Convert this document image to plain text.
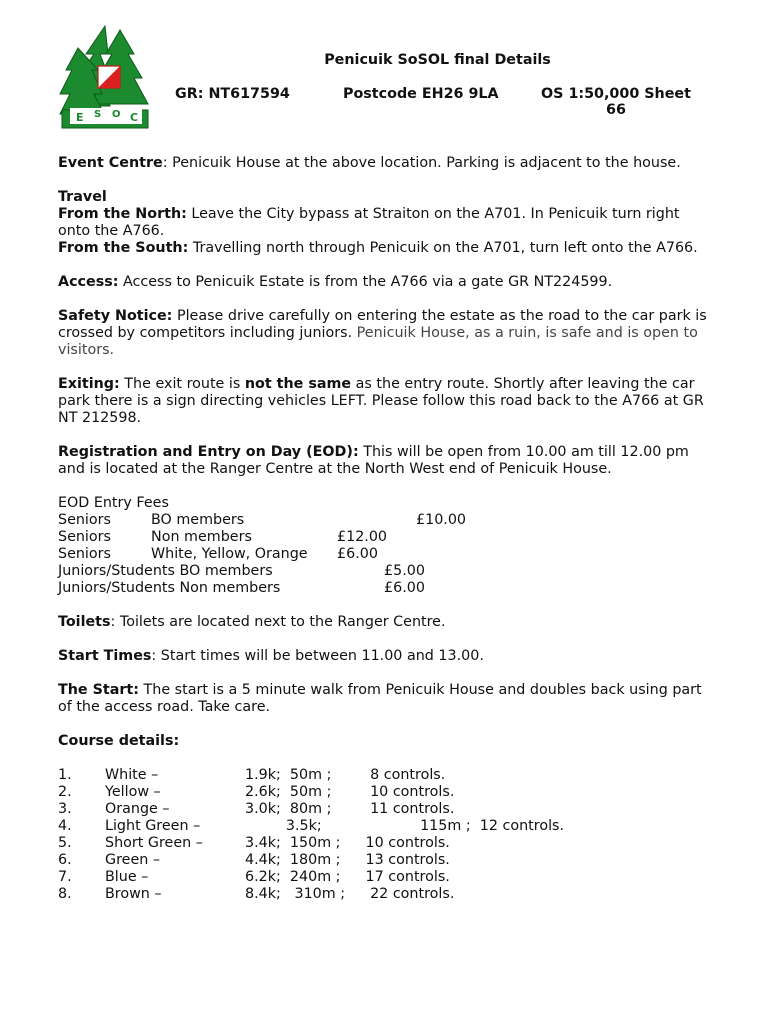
E S O C
Penicuik SoSOL final Details
GR: NT617594	Postcode EH26 9LA	OS 1:50,000 Sheet 66

Event Centre: Penicuik House at the above location. Parking is adjacent to the house.

Travel
From the North: Leave the City bypass at Straiton on the A701. In Penicuik turn right onto the A766.
From the South: Travelling north through Penicuik on the A701, turn left onto the A766.

Access: Access to Penicuik Estate is from the A766 via a gate GR NT224599.

Safety Notice: Please drive carefully on entering the estate as the road to the car park is crossed by competitors including juniors. Penicuik House, as a ruin, is safe and is open to visitors.

Exiting: The exit route is not the same as the entry route. Shortly after leaving the car park there is a sign directing vehicles LEFT. Please follow this road back to the A766 at GR NT 212598.

Registration and Entry on Day (EOD): This will be open from 10.00 am till 12.00 pm and is located at the Ranger Centre at the North West end of Penicuik House.

EOD Entry Fees
Seniors	BO members	£10.00
Seniors	Non members	£12.00
Seniors	White, Yellow, Orange	£6.00
Juniors/Students BO members	£5.00
Juniors/Students Non members	£6.00

Toilets: Toilets are located next to the Ranger Centre.

Start Times: Start times will be between 11.00 and 13.00.

The Start: The start is a 5 minute walk from Penicuik House and doubles back using part of the access road. Take care.

Course details:

1.	White –	1.9k;  50m ;	8 controls.
2.	Yellow –	2.6k;  50m ;	10 controls.
3.	Orange –	3.0k;  80m ;	11 controls.
4.	Light Green –	3.5k;	115m ;  12 controls.
5.	Short Green –	3.4k;  150m ;	10 controls.
6.	Green –	4.4k;  180m ;	13 controls.
7.	Blue –	6.2k;  240m ;	17 controls.
8.	Brown –	8.4k;   310m ;	22 controls.
